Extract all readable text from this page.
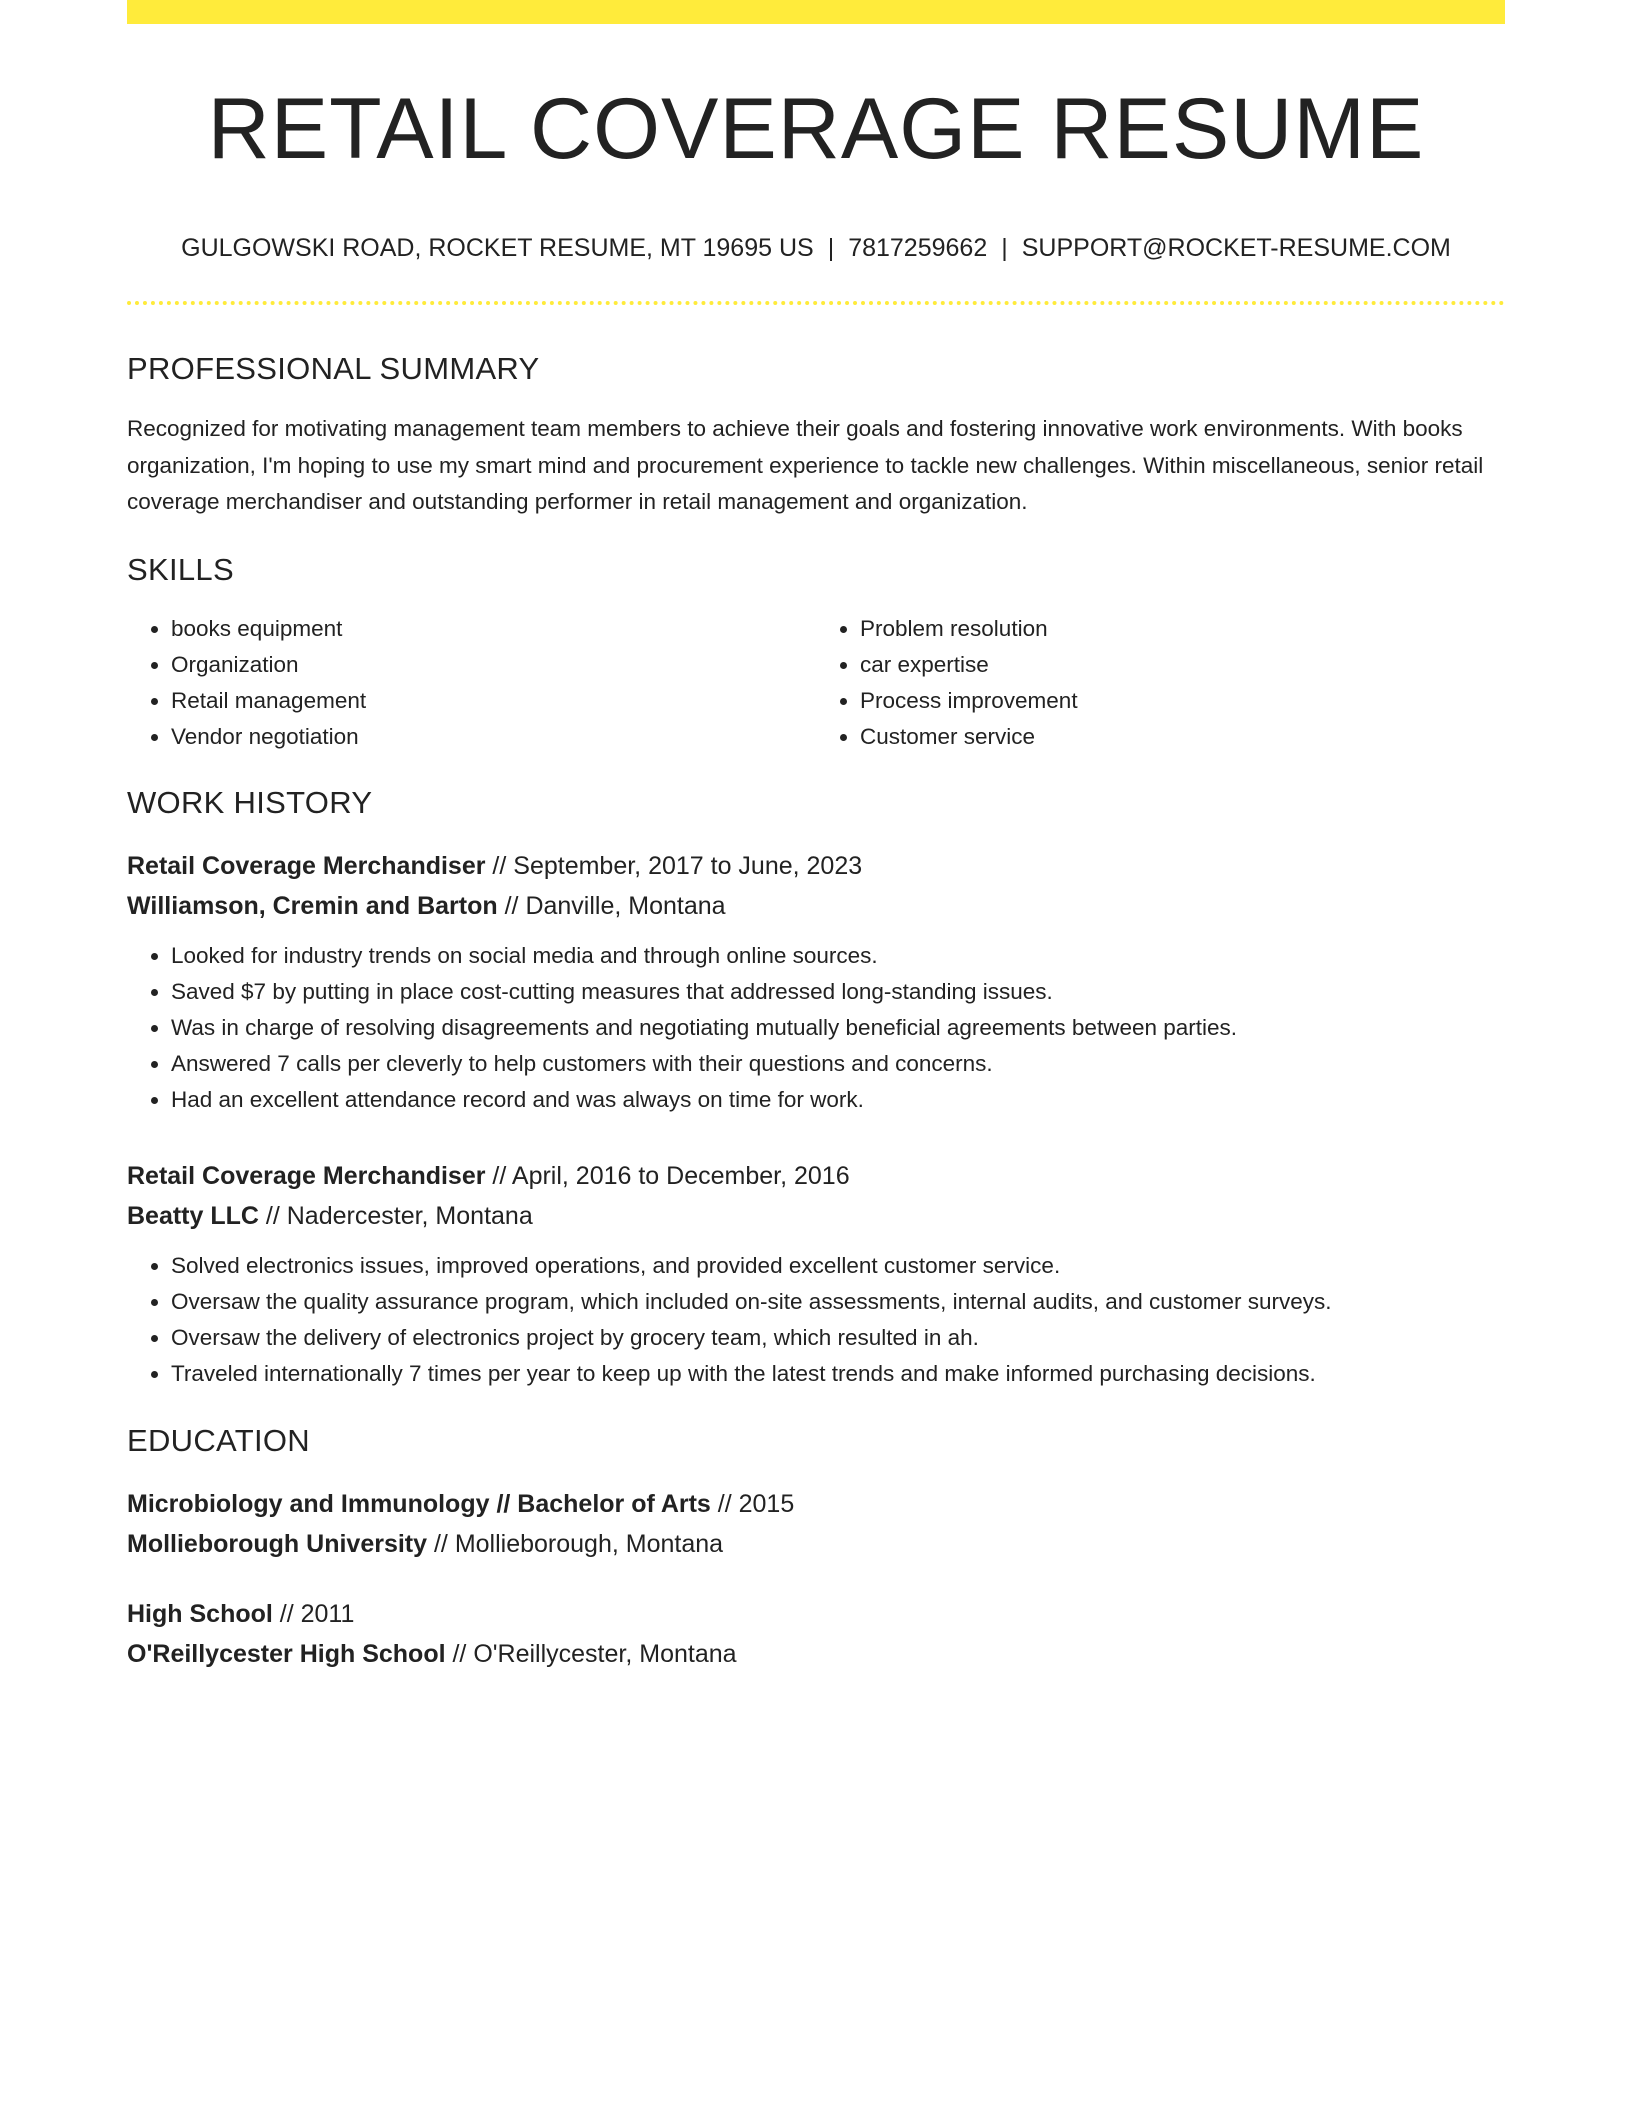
RETAIL COVERAGE RESUME
GULGOWSKI ROAD, ROCKET RESUME, MT 19695 US | 7817259662 | SUPPORT@ROCKET-RESUME.COM
PROFESSIONAL SUMMARY
Recognized for motivating management team members to achieve their goals and fostering innovative work environments. With books organization, I'm hoping to use my smart mind and procurement experience to tackle new challenges. Within miscellaneous, senior retail coverage merchandiser and outstanding performer in retail management and organization.
SKILLS
• books equipment
• Organization
• Retail management
• Vendor negotiation
• Problem resolution
• car expertise
• Process improvement
• Customer service
WORK HISTORY
Retail Coverage Merchandiser // September, 2017 to June, 2023
Williamson, Cremin and Barton // Danville, Montana
• Looked for industry trends on social media and through online sources.
• Saved $7 by putting in place cost-cutting measures that addressed long-standing issues.
• Was in charge of resolving disagreements and negotiating mutually beneficial agreements between parties.
• Answered 7 calls per cleverly to help customers with their questions and concerns.
• Had an excellent attendance record and was always on time for work.
Retail Coverage Merchandiser // April, 2016 to December, 2016
Beatty LLC // Nadercester, Montana
• Solved electronics issues, improved operations, and provided excellent customer service.
• Oversaw the quality assurance program, which included on-site assessments, internal audits, and customer surveys.
• Oversaw the delivery of electronics project by grocery team, which resulted in ah.
• Traveled internationally 7 times per year to keep up with the latest trends and make informed purchasing decisions.
EDUCATION
Microbiology and Immunology // Bachelor of Arts // 2015
Mollieborough University // Mollieborough, Montana
High School // 2011
O'Reillycester High School // O'Reillycester, Montana
